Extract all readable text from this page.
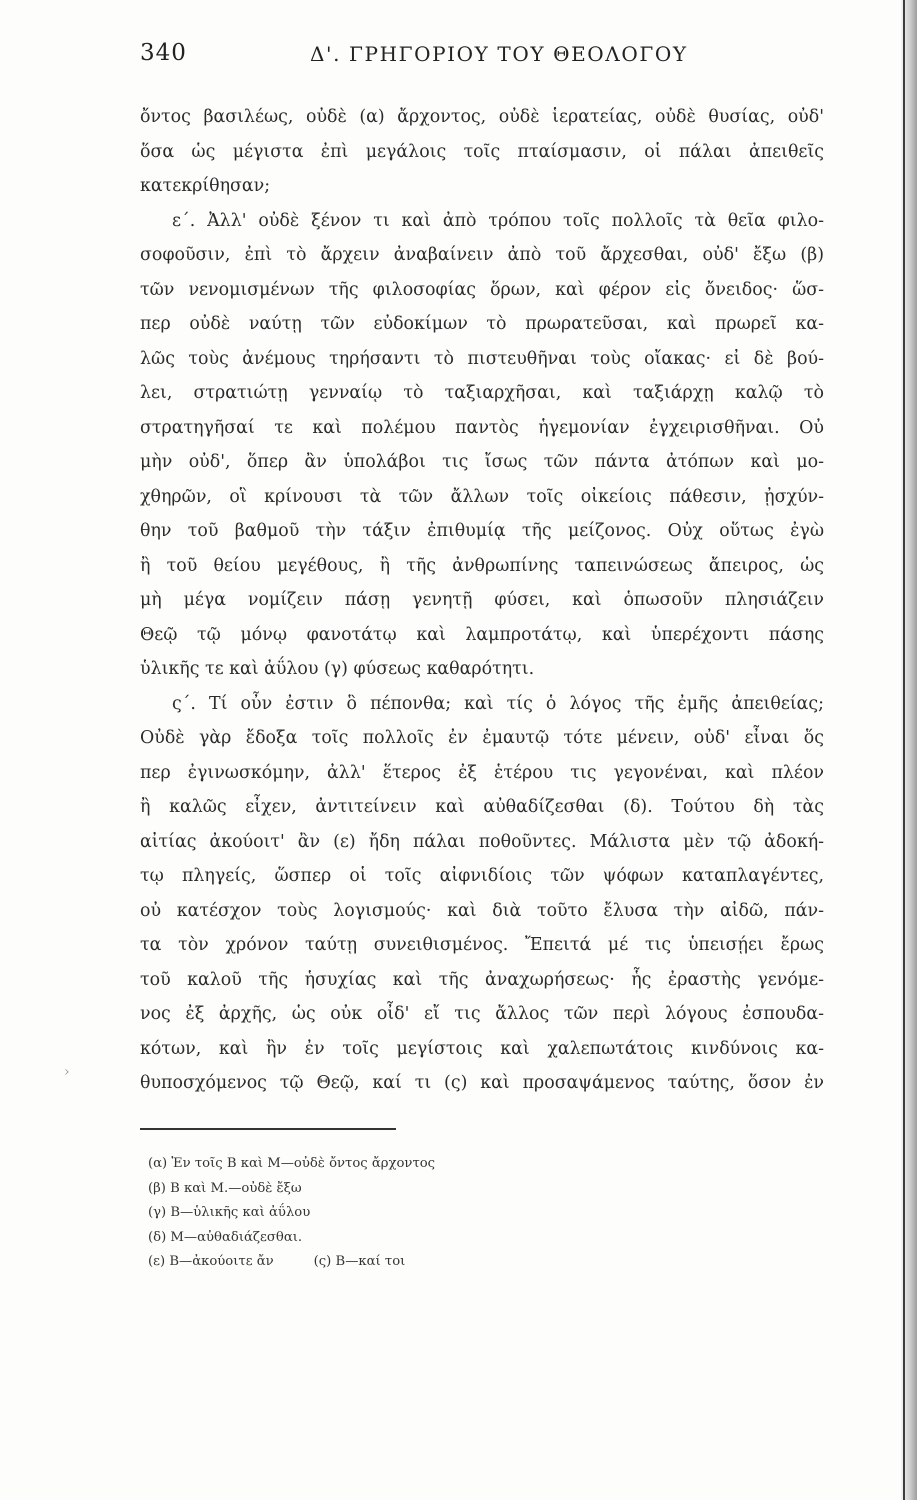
340	Δ'. ΓΡΗΓΟΡΙΟΥ ΤΟΥ ΘΕΟΛΟΓΟΥ
ὄντος βασιλέως, οὐδὲ (α) ἄρχοντος, οὐδὲ ἱερατείας, οὐδὲ θυσίας, οὐδ'
ὅσα ὡς μέγιστα ἐπὶ μεγάλοις τοῖς πταίσμασιν, οἱ πάλαι ἀπειθεῖς
κατεκρίθησαν;
ε΄. Ἀλλ' οὐδὲ ξένον τι καὶ ἀπὸ τρόπου τοῖς πολλοῖς τὰ θεῖα φιλο-
σοφοῦσιν, ἐπὶ τὸ ἄρχειν ἀναβαίνειν ἀπὸ τοῦ ἄρχεσθαι, οὐδ' ἔξω (β)
τῶν νενομισμένων τῆς φιλοσοφίας ὅρων, καὶ φέρον εἰς ὄνειδος· ὥσ-
περ οὐδὲ ναύτῃ τῶν εὐδοκίμων τὸ πρωρατεῦσαι, καὶ πρωρεῖ κα-
λῶς τοὺς ἀνέμους τηρήσαντι τὸ πιστευθῆναι τοὺς οἴακας· εἰ δὲ βού-
λει, στρατιώτῃ γενναίῳ τὸ ταξιαρχῆσαι, καὶ ταξιάρχῃ καλῷ τὸ
στρατηγῆσαί τε καὶ πολέμου παντὸς ἡγεμονίαν ἐγχειρισθῆναι. Οὐ
μὴν οὐδ', ὅπερ ἂν ὑπολάβοι τις ἴσως τῶν πάντα ἀτόπων καὶ μο-
χθηρῶν, οἳ κρίνουσι τὰ τῶν ἄλλων τοῖς οἰκείοις πάθεσιν, ᾐσχύν-
θην τοῦ βαθμοῦ τὴν τάξιν ἐπιθυμίᾳ τῆς μείζονος. Οὐχ οὕτως ἐγὼ
ἢ τοῦ θείου μεγέθους, ἢ τῆς ἀνθρωπίνης ταπεινώσεως ἄπειρος, ὡς
μὴ μέγα νομίζειν πάσῃ γενητῇ φύσει, καὶ ὁπωσοῦν πλησιάζειν
Θεῷ τῷ μόνῳ φανοτάτῳ καὶ λαμπροτάτῳ, καὶ ὑπερέχοντι πάσης
ὑλικῆς τε καὶ ἀΰλου (γ) φύσεως καθαρότητι.
ς΄. Τί οὖν ἐστιν ὃ πέπονθα; καὶ τίς ὁ λόγος τῆς ἐμῆς ἀπειθείας;
Οὐδὲ γὰρ ἔδοξα τοῖς πολλοῖς ἐν ἐμαυτῷ τότε μένειν, οὐδ' εἶναι ὅς
περ ἐγινωσκόμην, ἀλλ' ἕτερος ἐξ ἑτέρου τις γεγονέναι, καὶ πλέον
ἢ καλῶς εἶχεν, ἀντιτείνειν καὶ αὐθαδίζεσθαι (δ). Τούτου δὴ τὰς
αἰτίας ἀκούοιτ' ἂν (ε) ἤδη πάλαι ποθοῦντες. Μάλιστα μὲν τῷ ἀδοκή-
τῳ πληγείς, ὥσπερ οἱ τοῖς αἰφνιδίοις τῶν ψόφων καταπλαγέντες,
οὐ κατέσχον τοὺς λογισμούς· καὶ διὰ τοῦτο ἔλυσα τὴν αἰδῶ, πάν-
τα τὸν χρόνον ταύτῃ συνειθισμένος. Ἔπειτά μέ τις ὑπεισῄει ἔρως
τοῦ καλοῦ τῆς ἡσυχίας καὶ τῆς ἀναχωρήσεως· ἧς ἐραστὴς γενόμε-
νος ἐξ ἀρχῆς, ὡς οὐκ οἶδ' εἴ τις ἄλλος τῶν περὶ λόγους ἐσπουδα-
κότων, καὶ ἣν ἐν τοῖς μεγίστοις καὶ χαλεπωτάτοις κινδύνοις κα-
θυποσχόμενος τῷ Θεῷ, καί τι (ς) καὶ προσαψάμενος ταύτης, ὅσον ἐν
›
(α) Ἐν τοῖς Β καὶ Μ—οὐδὲ ὄντος ἄρχοντος
(β) Β καὶ Μ.—οὐδὲ ἔξω
(γ) Β—ὑλικῆς καὶ ἀΰλου
(δ) Μ—αὐθαδιάζεσθαι.
(ε) Β—ἀκούοιτε ἄν	(ς) Β—καί τοι
